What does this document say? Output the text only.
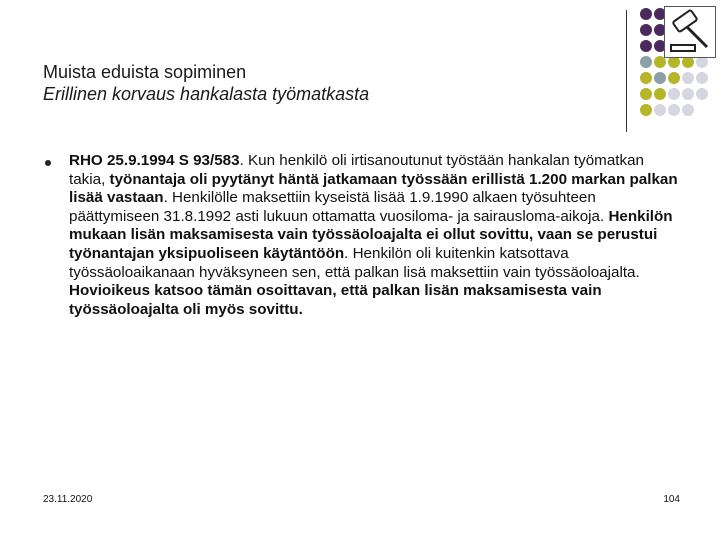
Muista eduista sopiminen
Erillinen korvaus hankalasta työmatkasta
RHO 25.9.1994 S 93/583. Kun henkilö oli irtisanoutunut työstään hankalan työmatkan takia, työnantaja oli pyytänyt häntä jatkamaan työssään erillistä 1.200 markan palkan lisää vastaan. Henkilölle maksettiin kyseistä lisää 1.9.1990 alkaen työsuhteen päättymiseen 31.8.1992 asti lukuun ottamatta vuosiloma- ja sairausloma-aikoja. Henkilön mukaan lisän maksamisesta vain työssäoloajalta ei ollut sovittu, vaan se perustui työnantajan yksipuoliseen käytäntöön. Henkilön oli kuitenkin katsottava työssäoloaikanaan hyväksyneen sen, että palkan lisä maksettiin vain työssäoloajalta. Hovioikeus katsoo tämän osoittavan, että palkan lisän maksamisesta vain työssäoloajalta oli myös sovittu.
23.11.2020	104
